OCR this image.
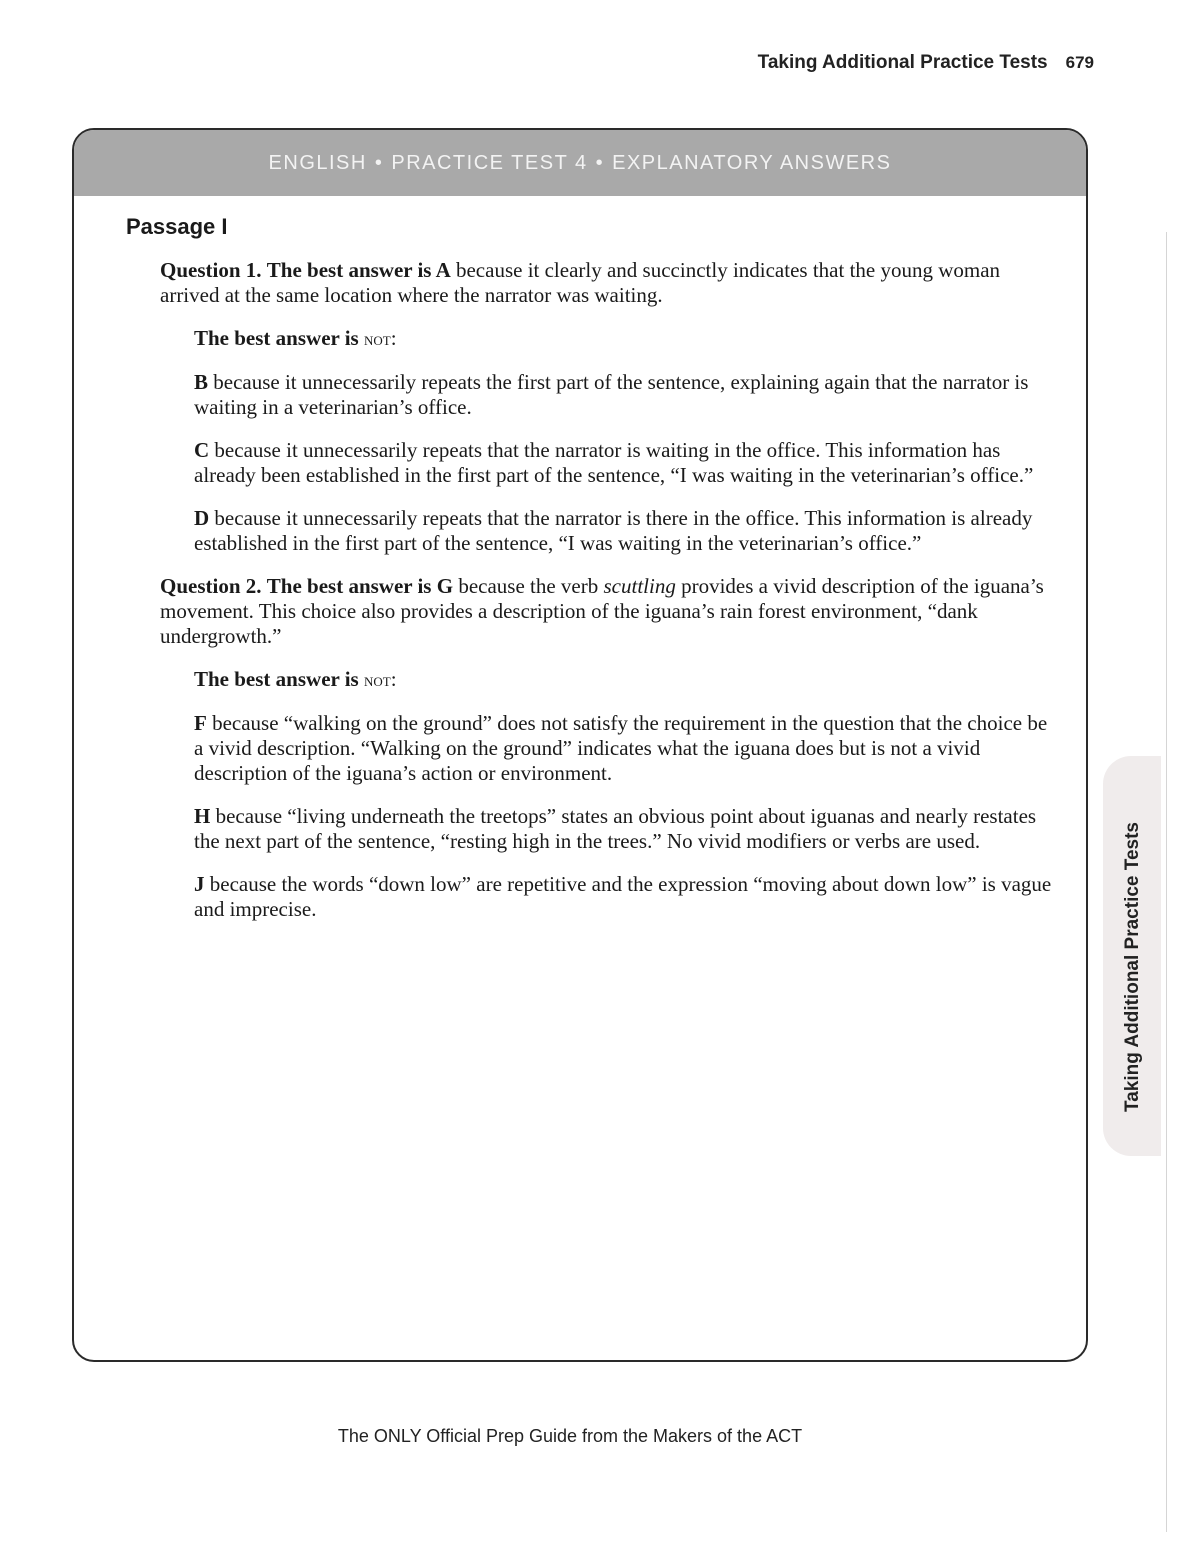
Taking Additional Practice Tests 679
ENGLISH • PRACTICE TEST 4 • EXPLANATORY ANSWERS
Passage I

Question 1. The best answer is A because it clearly and succinctly indicates that the young woman arrived at the same location where the narrator was waiting.

The best answer is not:

B because it unnecessarily repeats the first part of the sentence, explaining again that the narrator is waiting in a veterinarian’s office.

C because it unnecessarily repeats that the narrator is waiting in the office. This information has already been established in the first part of the sentence, “I was waiting in the veterinarian’s office.”

D because it unnecessarily repeats that the narrator is there in the office. This information is already established in the first part of the sentence, “I was waiting in the veterinarian’s office.”

Question 2. The best answer is G because the verb scuttling provides a vivid description of the iguana’s movement. This choice also provides a description of the iguana’s rain forest environment, “dank undergrowth.”

The best answer is not:

F because “walking on the ground” does not satisfy the requirement in the question that the choice be a vivid description. “Walking on the ground” indicates what the iguana does but is not a vivid description of the iguana’s action or environment.

H because “living underneath the treetops” states an obvious point about iguanas and nearly restates the next part of the sentence, “resting high in the trees.” No vivid modifiers or verbs are used.

J because the words “down low” are repetitive and the expression “moving about down low” is vague and imprecise.	Taking Additional Practice Tests
The ONLY Official Prep Guide from the Makers of the ACT
